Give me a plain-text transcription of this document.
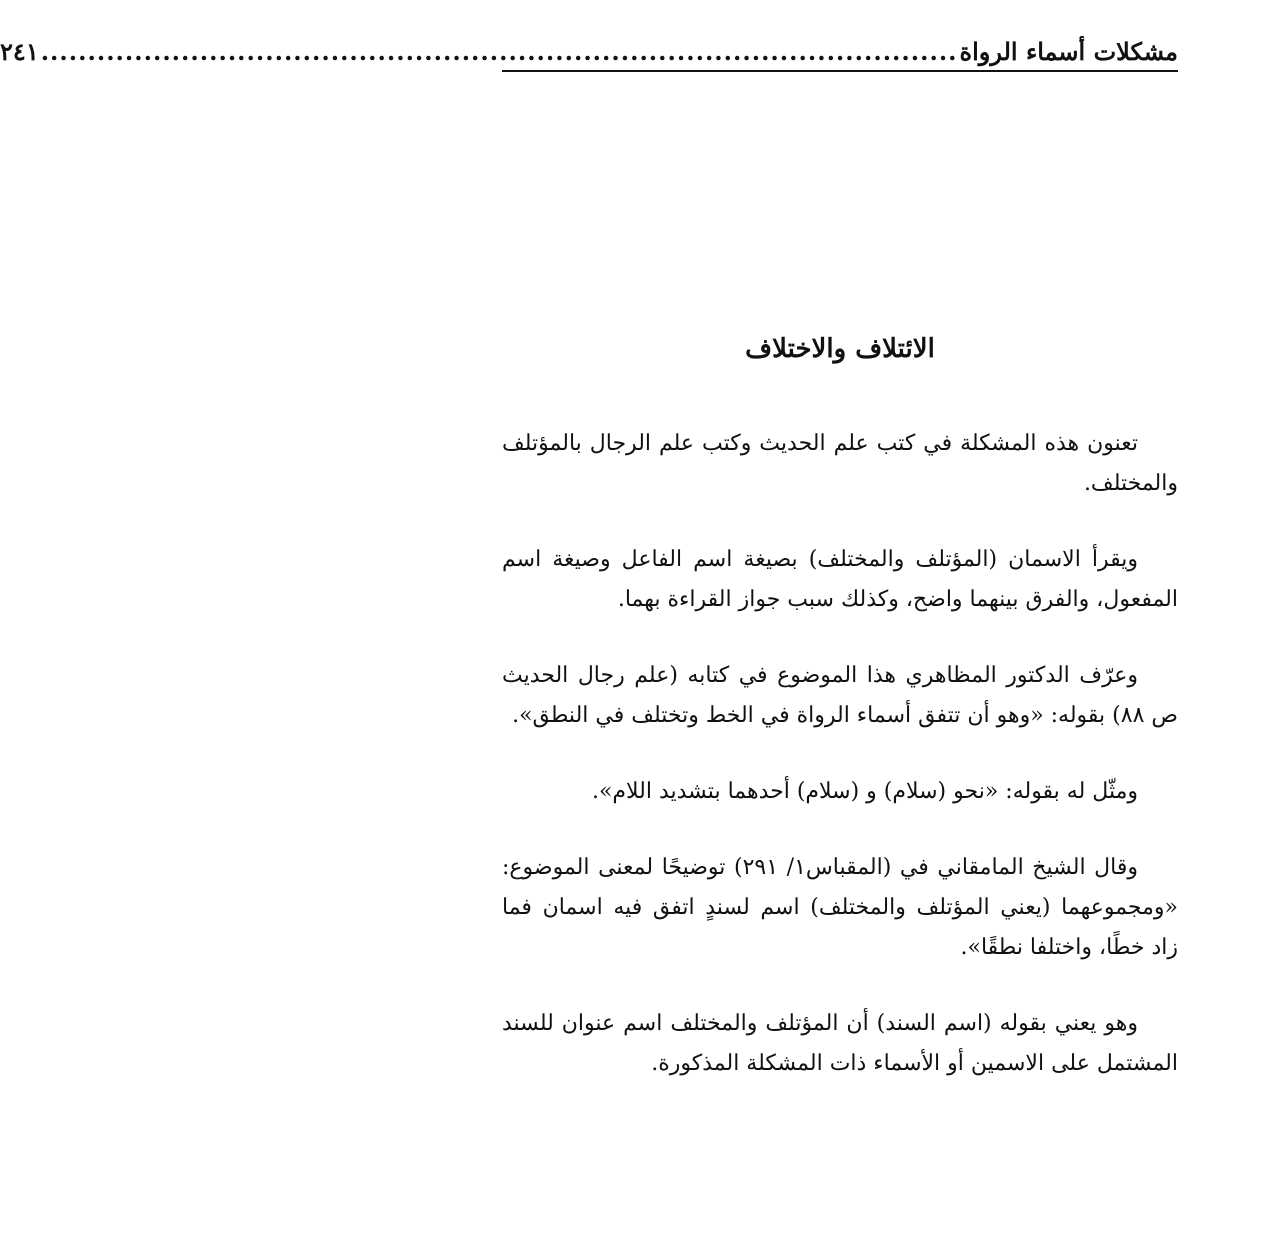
مشكلات أسماء الرواة
..................................................................................................
٢٤١
الائتلاف والاختلاف

تعنون هذه المشكلة في كتب علم الحديث وكتب علم الرجال بالمؤتلف والمختلف.

ويقرأ الاسمان (المؤتلف والمختلف) بصيغة اسم الفاعل وصيغة اسم المفعول، والفرق بينهما واضح، وكذلك سبب جواز القراءة بهما.

وعرّف الدكتور المظاهري هذا الموضوع في كتابه (علم رجال الحديث ص ٨٨) بقوله: «وهو أن تتفق أسماء الرواة في الخط وتختلف في النطق».

ومثّل له بقوله: «نحو (سلام) و (سلام) أحدهما بتشديد اللام».

وقال الشيخ المامقاني في (المقباس١/ ٢٩١) توضيحًا لمعنى الموضوع: «ومجموعهما (يعني المؤتلف والمختلف) اسم لسندٍ اتفق فيه اسمان فما زاد خطًا، واختلفا نطقًا».

وهو يعني بقوله (اسم السند) أن المؤتلف والمختلف اسم عنوان للسند المشتمل على الاسمين أو الأسماء ذات المشكلة المذكورة.
